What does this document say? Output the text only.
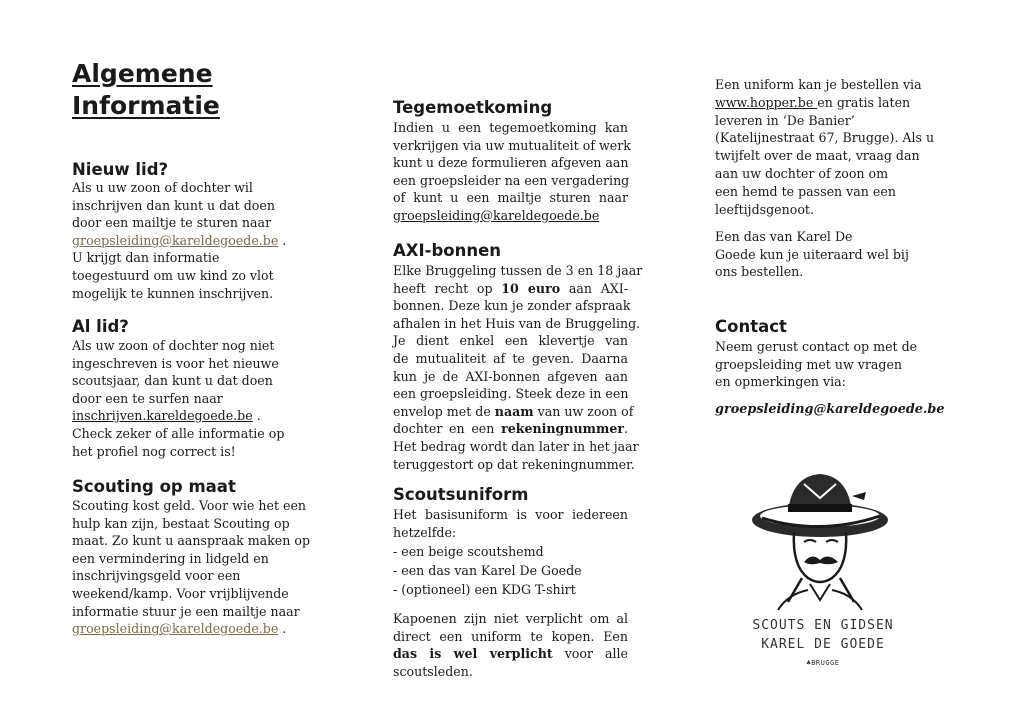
Algemene
Informatie
Nieuw lid?
Als u uw zoon of dochter wil
inschrijven dan kunt u dat doen
door een mailtje te sturen naar
groepsleiding@kareldegoede.be .
U krijgt dan informatie
toegestuurd om uw kind zo vlot
mogelijk te kunnen inschrijven.
Al lid?
Als uw zoon of dochter nog niet
ingeschreven is voor het nieuwe
scoutsjaar, dan kunt u dat doen
door een te surfen naar
inschrijven.kareldegoede.be .
Check zeker of alle informatie op
het profiel nog correct is!
Scouting op maat
Scouting kost geld. Voor wie het een
hulp kan zijn, bestaat Scouting op
maat. Zo kunt u aanspraak maken op
een vermindering in lidgeld en
inschrijvingsgeld voor een
weekend/kamp. Voor vrijblijvende
informatie stuur je een mailtje naar
groepsleiding@kareldegoede.be .
Tegemoetkoming
Indien u een tegemoetkoming kan
verkrijgen via uw mutualiteit of werk
kunt u deze formulieren afgeven aan
een groepsleider na een vergadering
of kunt u een mailtje sturen naar
groepsleiding@kareldegoede.be
AXI-bonnen
Elke Bruggeling tussen de 3 en 18 jaar
heeft recht op 10 euro aan AXI-
bonnen. Deze kun je zonder afspraak
afhalen in het Huis van de Bruggeling.
Je dient enkel een klevertje van
de mutualiteit af te geven. Daarna
kun je de AXI-bonnen afgeven aan
een groepsleiding. Steek deze in een
envelop met de naam van uw zoon of
dochter en een rekeningnummer.
Het bedrag wordt dan later in het jaar
teruggestort op dat rekeningnummer.
Scoutsuniform
Het basisuniform is voor iedereen
hetzelfde:
- een beige scoutshemd
- een das van Karel De Goede
- (optioneel) een KDG T-shirt
Kapoenen zijn niet verplicht om al
direct een uniform te kopen. Een
das is wel verplicht voor alle
scoutsleden.
Een uniform kan je bestellen via
www.hopper.be en gratis laten
leveren in ‘De Banier’
(Katelijnestraat 67, Brugge). Als u
twijfelt over de maat, vraag dan
aan uw dochter of zoon om
een hemd te passen van een
leeftijdsgenoot.
Een das van Karel De
Goede kun je uiteraard wel bij
ons bestellen.
Contact
Neem gerust contact op met de
groepsleiding met uw vragen
en opmerkingen via:
groepsleiding@kareldegoede.be
SCOUTS EN GIDSEN
KAREL DE GOEDE
♣BRUGGE
